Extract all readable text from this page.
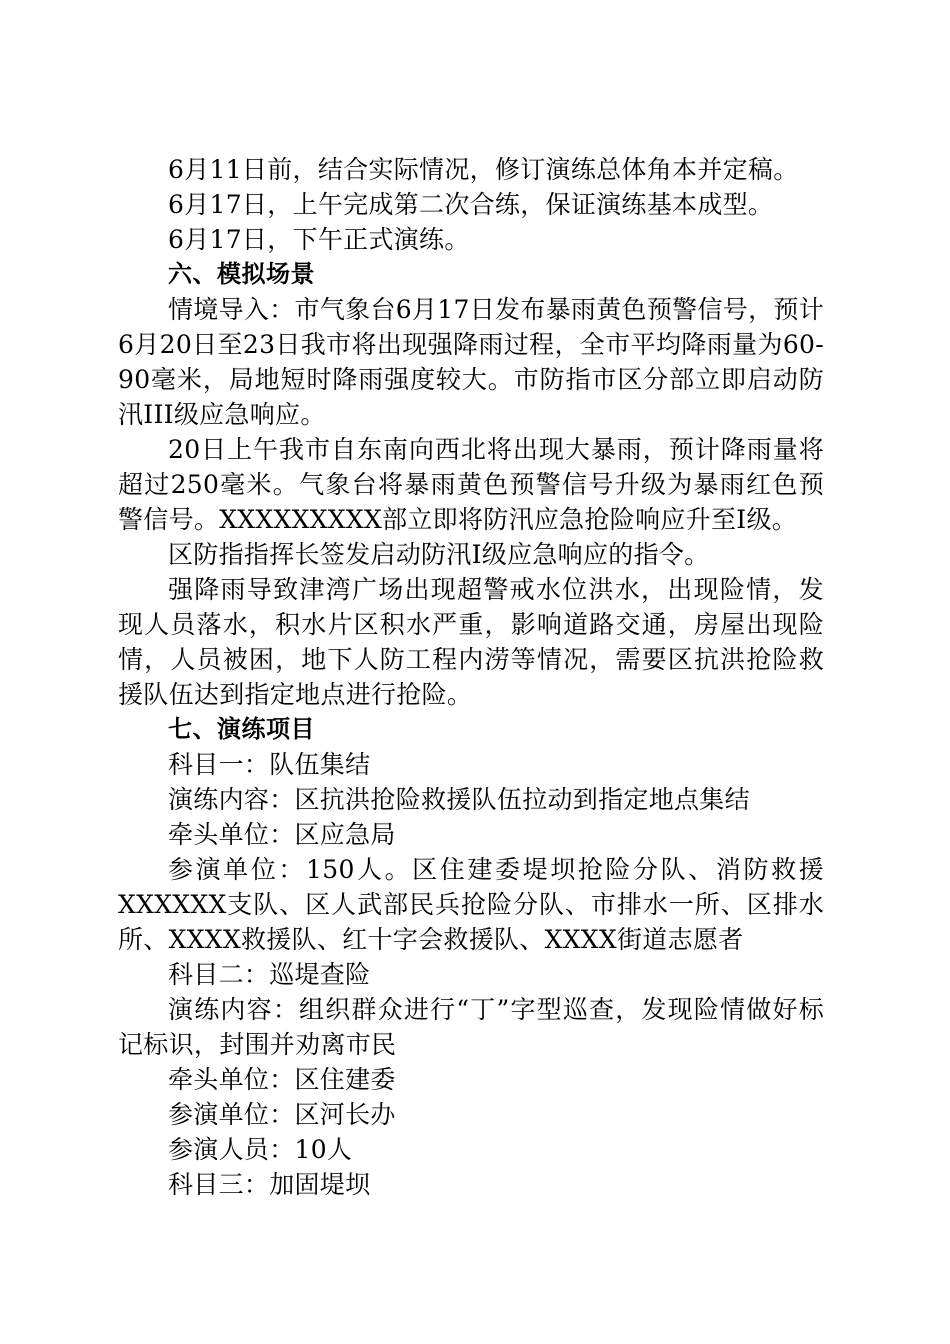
6月11日前，结合实际情况，修订演练总体角本并定稿。

6月17日，上午完成第二次合练，保证演练基本成型。

6月17日，下午正式演练。

六、模拟场景

情境导入：市气象台6月17日发布暴雨黄色预警信号，预计6月20日至23日我市将出现强降雨过程，全市平均降雨量为60-90毫米，局地短时降雨强度较大。市防指市区分部立即启动防汛III级应急响应。

20日上午我市自东南向西北将出现大暴雨，预计降雨量将超过250毫米。气象台将暴雨黄色预警信号升级为暴雨红色预警信号。XXXXXXXXX部立即将防汛应急抢险响应升至Ⅰ级。

区防指指挥长签发启动防汛Ⅰ级应急响应的指令。

强降雨导致津湾广场出现超警戒水位洪水，出现险情，发现人员落水，积水片区积水严重，影响道路交通，房屋出现险情，人员被困，地下人防工程内涝等情况，需要区抗洪抢险救援队伍达到指定地点进行抢险。

七、演练项目

科目一：队伍集结

演练内容：区抗洪抢险救援队伍拉动到指定地点集结

牵头单位：区应急局

参演单位：150人。区住建委堤坝抢险分队、消防救援XXXXXX支队、区人武部民兵抢险分队、市排水一所、区排水所、XXXX救援队、红十字会救援队、XXXX街道志愿者

科目二：巡堤查险

演练内容：组织群众进行“丁”字型巡查，发现险情做好标记标识，封围并劝离市民

牵头单位：区住建委

参演单位：区河长办

参演人员：10人

科目三：加固堤坝
